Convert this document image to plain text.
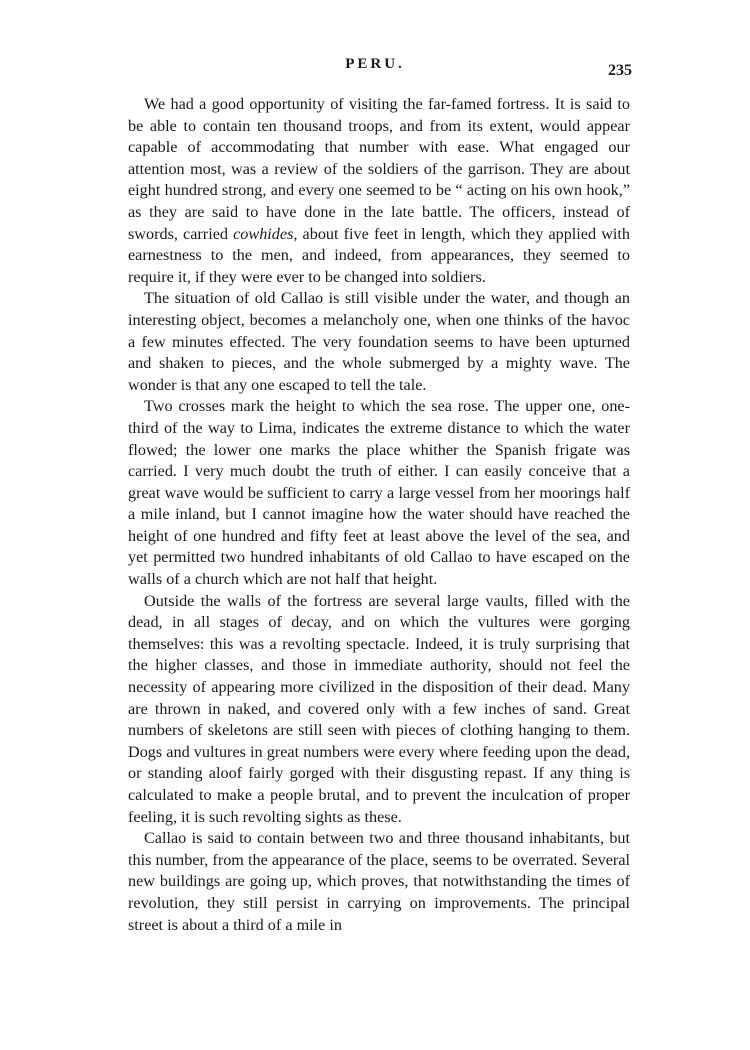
PERU.	235

We had a good opportunity of visiting the far-famed fortress. It is said to be able to contain ten thousand troops, and from its extent, would appear capable of accommodating that number with ease. What engaged our attention most, was a review of the soldiers of the garrison. They are about eight hundred strong, and every one seemed to be “ acting on his own hook,” as they are said to have done in the late battle. The officers, instead of swords, carried cowhides, about five feet in length, which they applied with earnestness to the men, and indeed, from appearances, they seemed to require it, if they were ever to be changed into soldiers.

The situation of old Callao is still visible under the water, and though an interesting object, becomes a melancholy one, when one thinks of the havoc a few minutes effected. The very foundation seems to have been upturned and shaken to pieces, and the whole submerged by a mighty wave. The wonder is that any one escaped to tell the tale.

Two crosses mark the height to which the sea rose. The upper one, one-third of the way to Lima, indicates the extreme distance to which the water flowed; the lower one marks the place whither the Spanish frigate was carried. I very much doubt the truth of either. I can easily conceive that a great wave would be sufficient to carry a large vessel from her moorings half a mile inland, but I cannot imagine how the water should have reached the height of one hundred and fifty feet at least above the level of the sea, and yet permitted two hundred inhabitants of old Callao to have escaped on the walls of a church which are not half that height.

Outside the walls of the fortress are several large vaults, filled with the dead, in all stages of decay, and on which the vultures were gorging themselves: this was a revolting spectacle. Indeed, it is truly surprising that the higher classes, and those in immediate authority, should not feel the necessity of appearing more civilized in the disposition of their dead. Many are thrown in naked, and covered only with a few inches of sand. Great numbers of skeletons are still seen with pieces of clothing hanging to them. Dogs and vultures in great numbers were every where feeding upon the dead, or standing aloof fairly gorged with their disgusting repast. If any thing is calculated to make a people brutal, and to prevent the inculcation of proper feeling, it is such revolting sights as these.

Callao is said to contain between two and three thousand inhabitants, but this number, from the appearance of the place, seems to be overrated. Several new buildings are going up, which proves, that notwithstanding the times of revolution, they still persist in carrying on improvements. The principal street is about a third of a mile in
